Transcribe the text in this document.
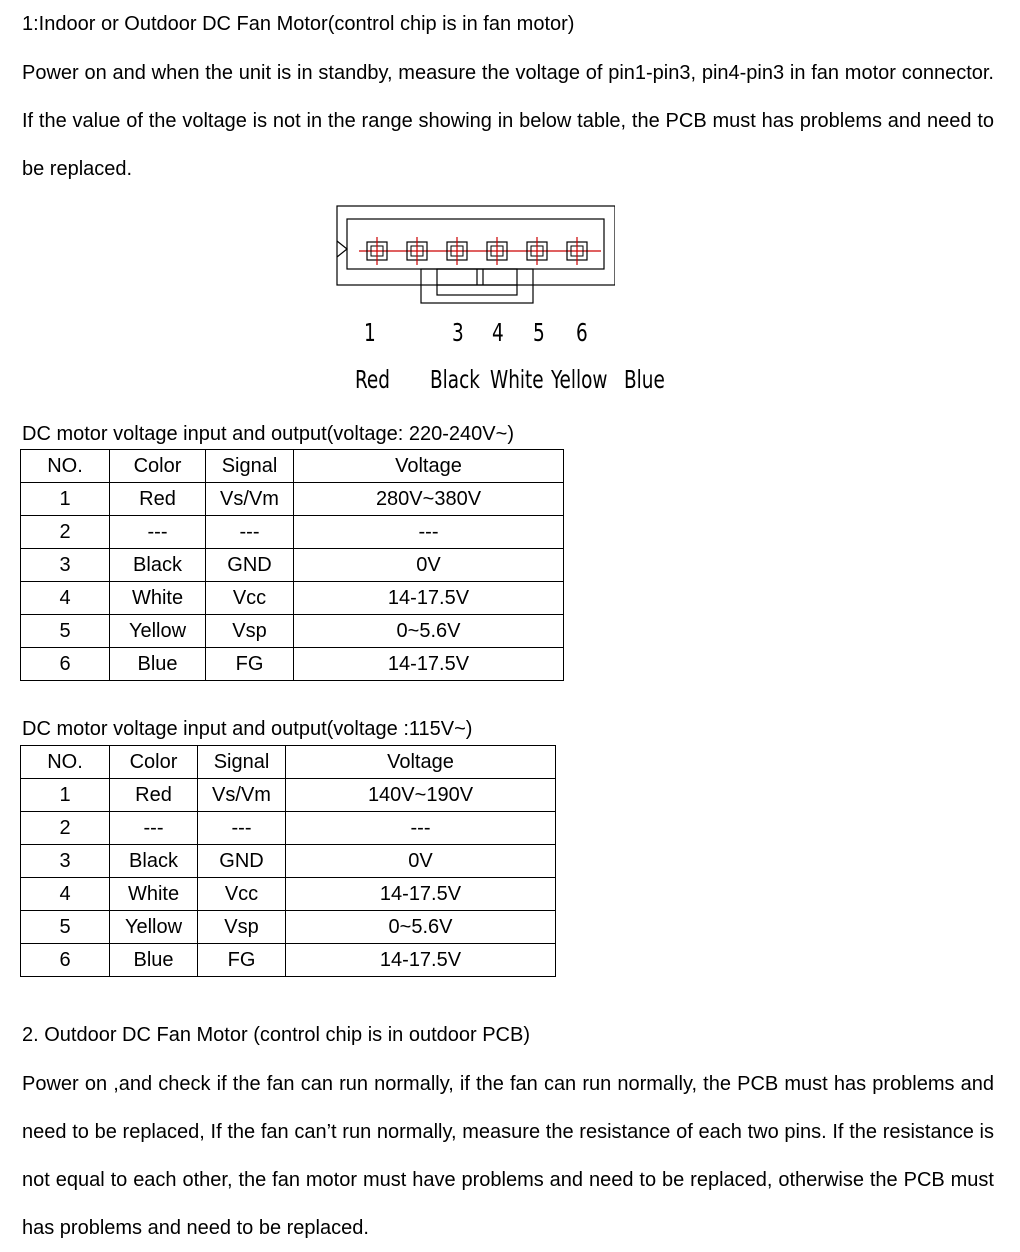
1:Indoor or Outdoor DC Fan Motor(control chip is in fan motor)

Power on and when the unit is in standby, measure the voltage of pin1-pin3, pin4-pin3 in fan motor connector. If the value of the voltage is not in the range showing in below table, the PCB must has problems and need to be replaced.

1	3 4 5 6
Red Black White Yellow Blue

DC motor voltage input and output(voltage: 220-240V~)

NO.	Color	Signal	Voltage
1	Red	Vs/Vm	280V~380V
2	---	---	---
3	Black	GND	0V
4	White	Vcc	14-17.5V
5	Yellow	Vsp	0~5.6V
6	Blue	FG	14-17.5V

DC motor voltage input and output(voltage :115V~)

NO.	Color	Signal	Voltage
1	Red	Vs/Vm	140V~190V
2	---	---	---
3	Black	GND	0V
4	White	Vcc	14-17.5V
5	Yellow	Vsp	0~5.6V
6	Blue	FG	14-17.5V

2. Outdoor DC Fan Motor (control chip is in outdoor PCB)

Power on ,and check if the fan can run normally, if the fan can run normally, the PCB must has problems and need to be replaced, If the fan can’t run normally, measure the resistance of each two pins. If the resistance is not equal to each other, the fan motor must have problems and need to be replaced, otherwise the PCB must has problems and need to be replaced.
